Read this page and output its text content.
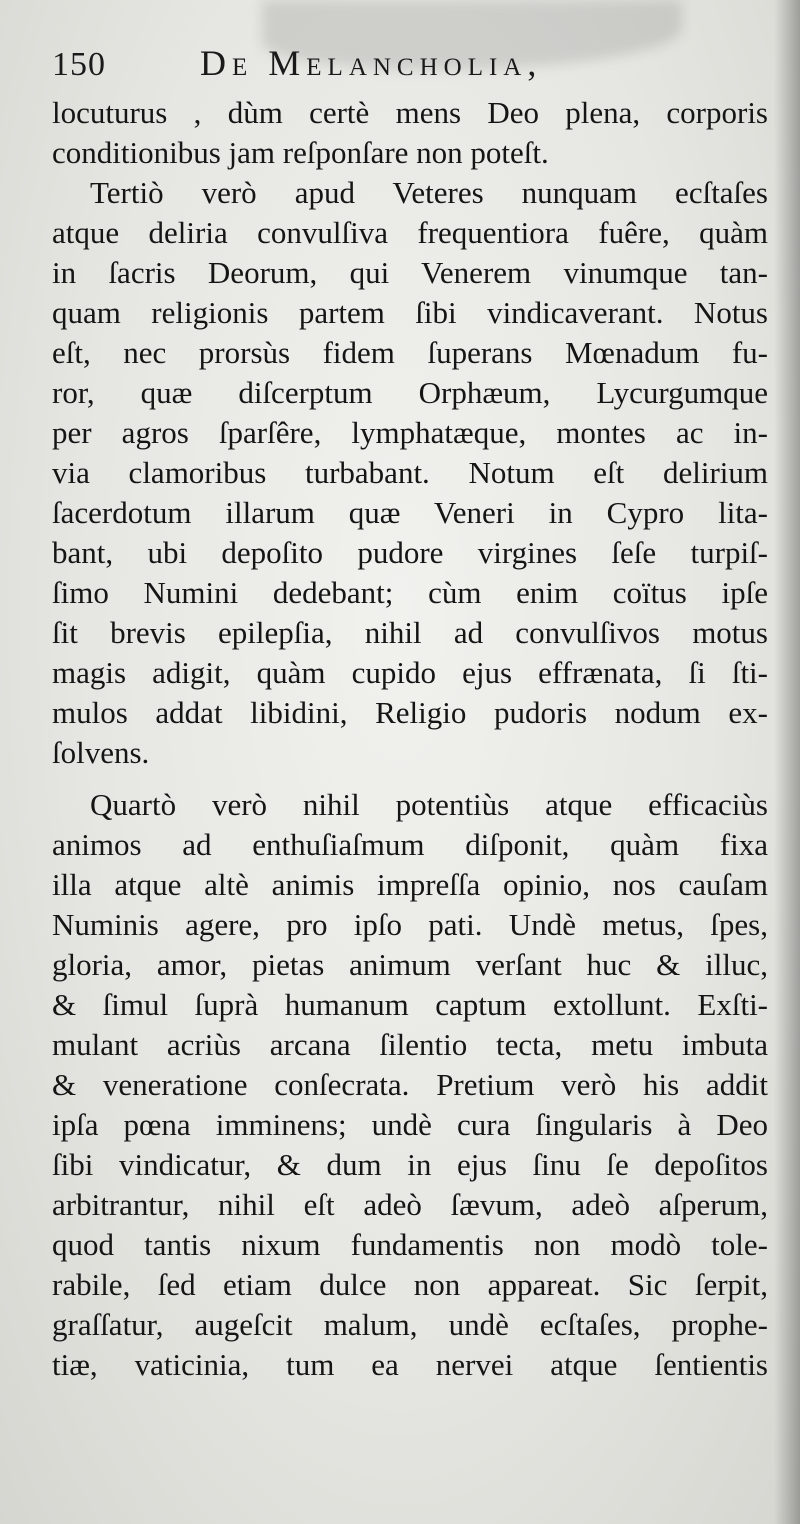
150	De Melancholia,
locuturus , dùm certè mens Deo plena, corporis
conditionibus jam reſponſare non poteſt.
Tertiò verò apud Veteres nunquam ecſtaſes
atque deliria convulſiva frequentiora fuêre, quàm
in ſacris Deorum, qui Venerem vinumque tan-
quam religionis partem ſibi vindicaverant. Notus
eſt, nec prorsùs fidem ſuperans Mœnadum fu-
ror, quæ diſcerptum Orphæum, Lycurgumque
per agros ſparſêre, lymphatæque, montes ac in-
via clamoribus turbabant. Notum eſt delirium
ſacerdotum illarum quæ Veneri in Cypro lita-
bant, ubi depoſito pudore virgines ſeſe turpiſ-
ſimo Numini dedebant; cùm enim coïtus ipſe
ſit brevis epilepſia, nihil ad convulſivos motus
magis adigit, quàm cupido ejus effrænata, ſi ſti-
mulos addat libidini, Religio pudoris nodum ex-
ſolvens.
Quartò verò nihil potentiùs atque efficaciùs
animos ad enthuſiaſmum diſponit, quàm fixa
illa atque altè animis impreſſa opinio, nos cauſam
Numinis agere, pro ipſo pati. Undè metus, ſpes,
gloria, amor, pietas animum verſant huc & illuc,
& ſimul ſuprà humanum captum extollunt. Exſti-
mulant acriùs arcana ſilentio tecta, metu imbuta
& veneratione conſecrata. Pretium verò his addit
ipſa pœna imminens; undè cura ſingularis à Deo
ſibi vindicatur, & dum in ejus ſinu ſe depoſitos
arbitrantur, nihil eſt adeò ſævum, adeò aſperum,
quod tantis nixum fundamentis non modò tole-
rabile, ſed etiam dulce non appareat. Sic ſerpit,
graſſatur, augeſcit malum, undè ecſtaſes, prophe-
tiæ, vaticinia, tum ea nervei atque ſentientis
